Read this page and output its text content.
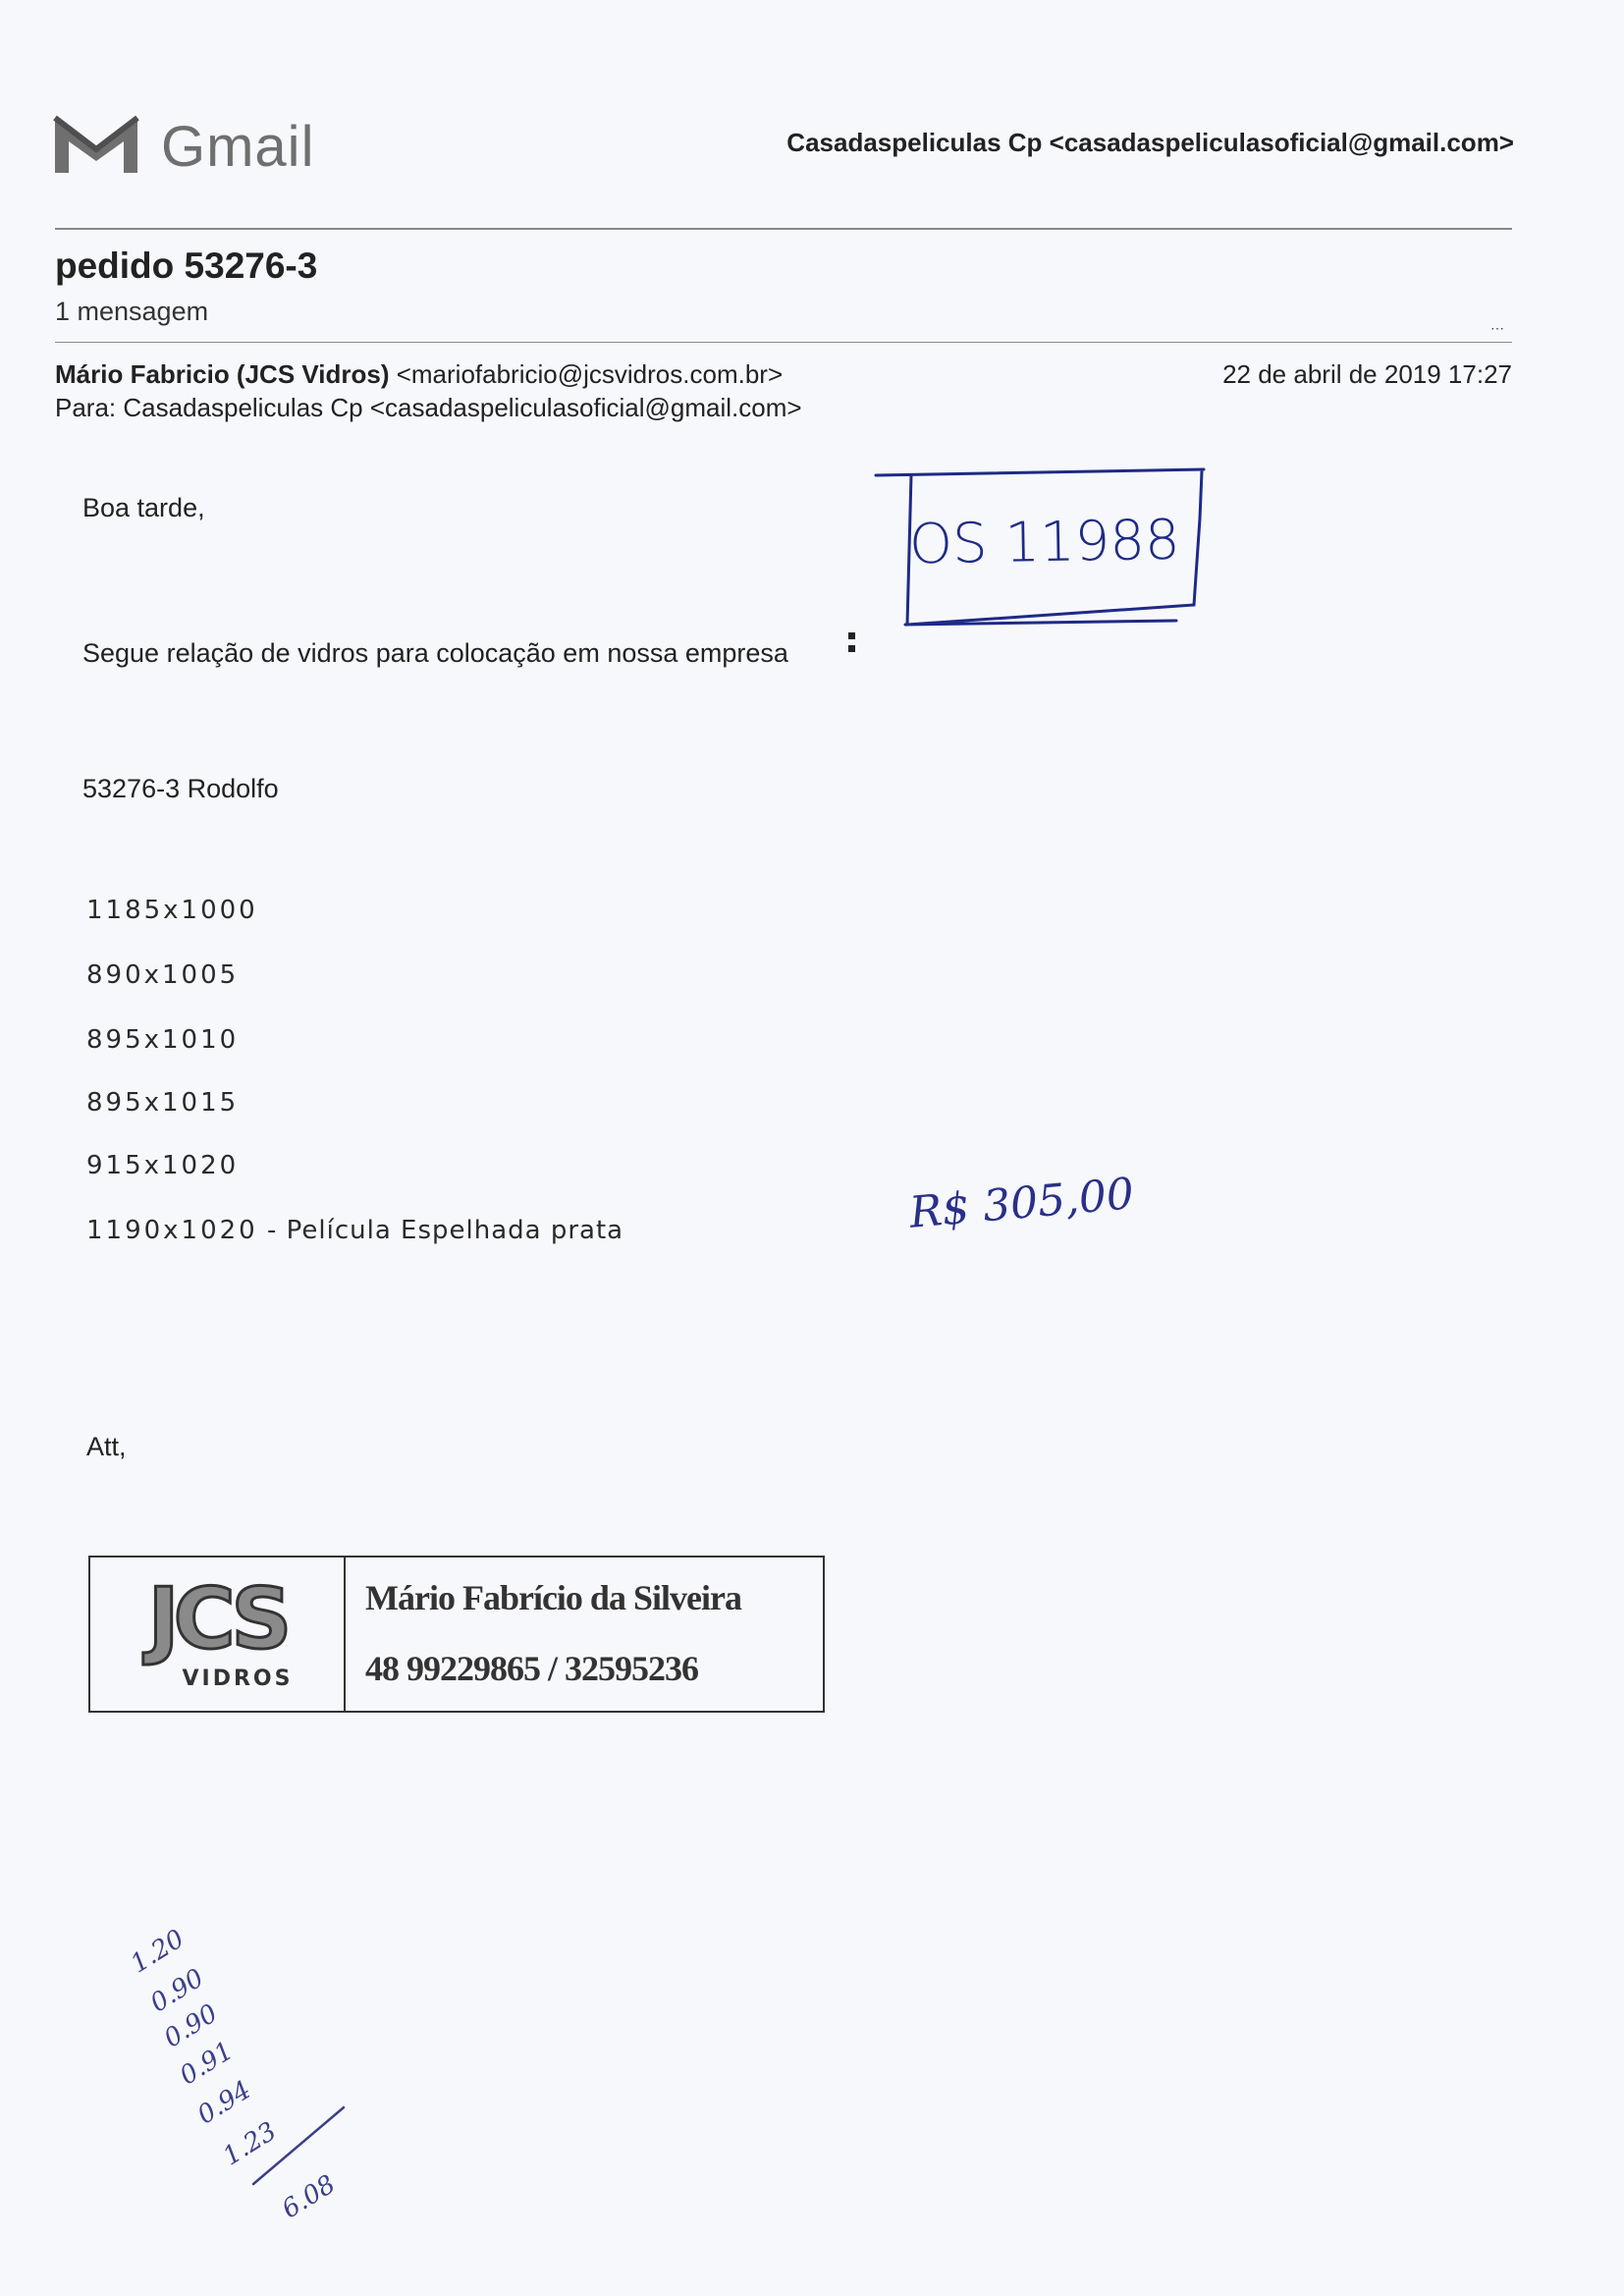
Gmail	Casadaspeliculas Cp <casadaspeliculasoficial@gmail.com>
pedido 53276-3
1 mensagem
⋯
Mário Fabricio (JCS Vidros) <mariofabricio@jcsvidros.com.br>
Para: Casadaspeliculas Cp <casadaspeliculasoficial@gmail.com>
22 de abril de 2019 17:27
Boa tarde,
Segue relação de vidros para colocação em nossa empresa
53276-3 Rodolfo
1185x1000
890x1005
895x1010
895x1015
915x1020
1190x1020 - Película Espelhada prata
Att,
JCS
VIDROS
Mário Fabrício da Silveira
48 99229865 / 32595236
OS 11988
R$ 305,00
1.20
0.90
0.90
0.91
0.94
1.23
6.08
